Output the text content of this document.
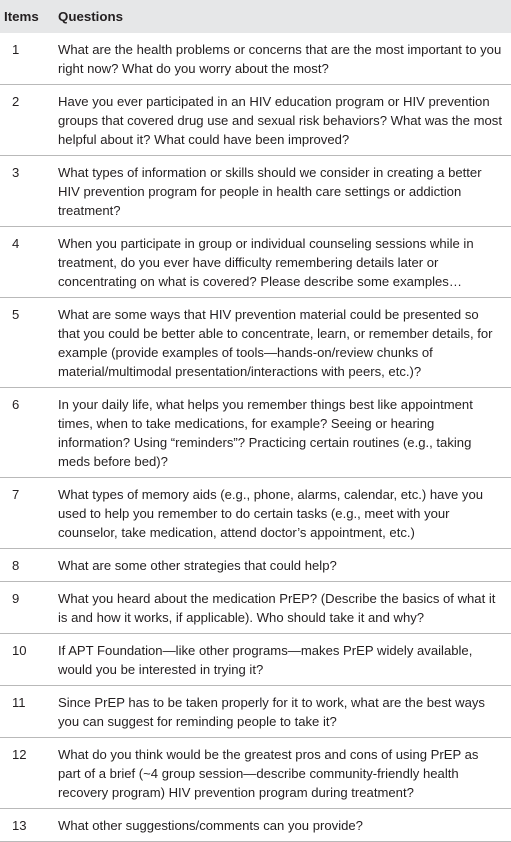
Items	Questions
1	What are the health problems or concerns that are the most important to you right now? What do you worry about the most?
2	Have you ever participated in an HIV education program or HIV prevention groups that covered drug use and sexual risk behaviors? What was the most helpful about it? What could have been improved?
3	What types of information or skills should we consider in creating a better HIV prevention program for people in health care settings or addiction treatment?
4	When you participate in group or individual counseling sessions while in treatment, do you ever have difficulty remembering details later or concentrating on what is covered? Please describe some examples…
5	What are some ways that HIV prevention material could be presented so that you could be better able to concentrate, learn, or remember details, for example (provide examples of tools—hands-on/review chunks of material/multimodal presentation/interactions with peers, etc.)?
6	In your daily life, what helps you remember things best like appointment times, when to take medications, for example? Seeing or hearing information? Using “reminders”? Practicing certain routines (e.g., taking meds before bed)?
7	What types of memory aids (e.g., phone, alarms, calendar, etc.) have you used to help you remember to do certain tasks (e.g., meet with your counselor, take medication, attend doctor’s appointment, etc.)
8	What are some other strategies that could help?
9	What you heard about the medication PrEP? (Describe the basics of what it is and how it works, if applicable). Who should take it and why?
10	If APT Foundation—like other programs—makes PrEP widely available, would you be interested in trying it?
11	Since PrEP has to be taken properly for it to work, what are the best ways you can suggest for reminding people to take it?
12	What do you think would be the greatest pros and cons of using PrEP as part of a brief (~4 group session—describe community-friendly health recovery program) HIV prevention program during treatment?
13	What other suggestions/comments can you provide?
